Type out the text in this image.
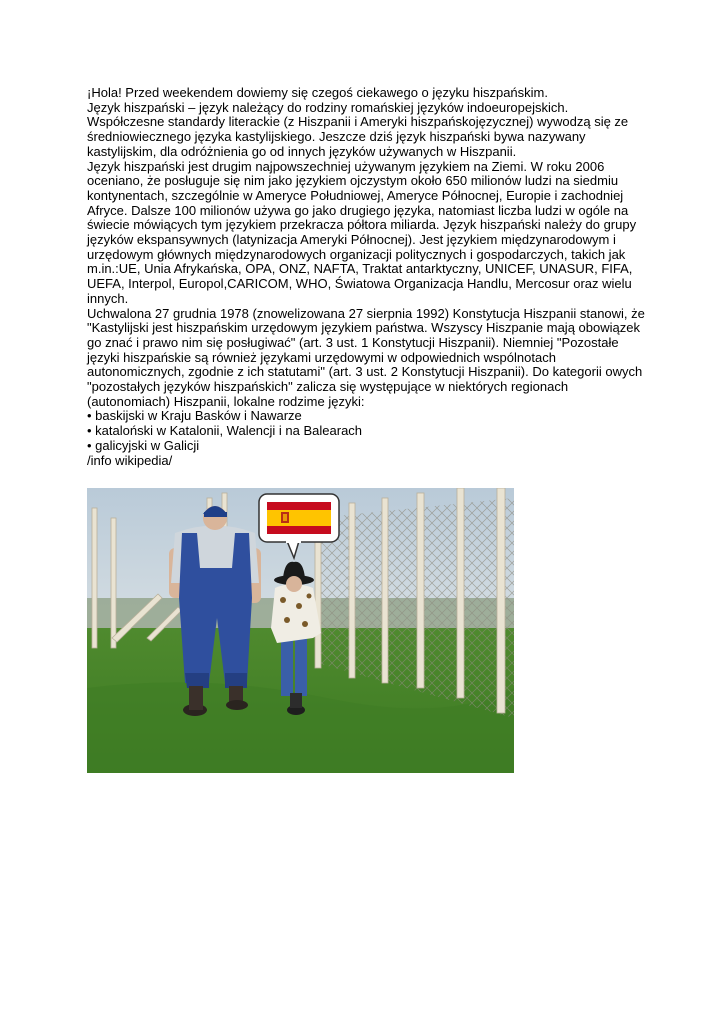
¡Hola! Przed weekendem dowiemy się czegoś ciekawego o języku hiszpańskim.

Język hiszpański – język należący do rodziny romańskiej języków indoeuropejskich.

Współczesne standardy literackie (z Hiszpanii i Ameryki hiszpańskojęzycznej) wywodzą się ze średniowiecznego języka kastylijskiego. Jeszcze dziś język hiszpański bywa nazywany kastylijskim, dla odróżnienia go od innych języków używanych w Hiszpanii.

Język hiszpański jest drugim najpowszechniej używanym językiem na Ziemi. W roku 2006 oceniano, że posługuje się nim jako językiem ojczystym około 650 milionów ludzi na siedmiu kontynentach, szczególnie w Ameryce Południowej, Ameryce Północnej, Europie i zachodniej Afryce. Dalsze 100 milionów używa go jako drugiego języka, natomiast liczba ludzi w ogóle na świecie mówiących tym językiem przekracza półtora miliarda. Język hiszpański należy do grupy języków ekspansywnych (latynizacja Ameryki Północnej). Jest językiem międzynarodowym i urzędowym głównych międzynarodowych organizacji politycznych i gospodarczych, takich jak m.in.:UE, Unia Afrykańska, OPA, ONZ, NAFTA, Traktat antarktyczny, UNICEF, UNASUR, FIFA, UEFA, Interpol, Europol,CARICOM, WHO, Światowa Organizacja Handlu, Mercosur oraz wielu innych.

Uchwalona 27 grudnia 1978 (znowelizowana 27 sierpnia 1992) Konstytucja Hiszpanii stanowi, że "Kastylijski jest hiszpańskim urzędowym językiem państwa. Wszyscy Hiszpanie mają obowiązek go znać i prawo nim się posługiwać" (art. 3 ust. 1 Konstytucji Hiszpanii). Niemniej "Pozostałe języki hiszpańskie są również językami urzędowymi w odpowiednich wspólnotach autonomicznych, zgodnie z ich statutami" (art. 3 ust. 2 Konstytucji Hiszpanii). Do kategorii owych "pozostałych języków hiszpańskich" zalicza się występujące w niektórych regionach (autonomiach) Hiszpanii, lokalne rodzime języki:

• baskijski w Kraju Basków i Nawarze

• kataloński w Katalonii, Walencji i na Balearach

• galicyjski w Galicji

/info wikipedia/
